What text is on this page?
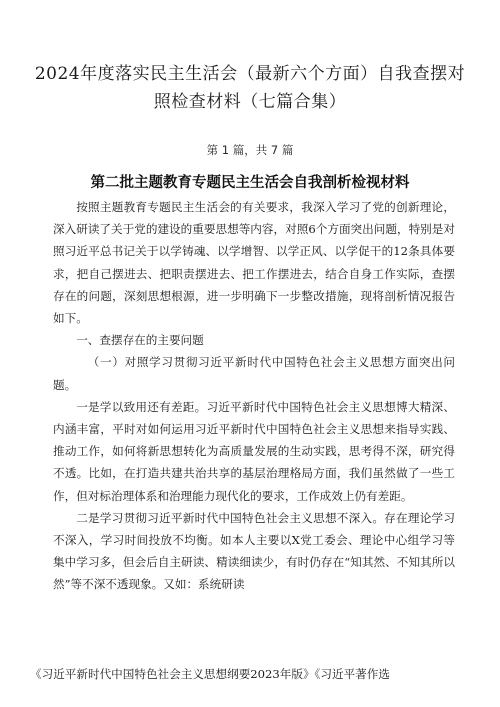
2024年度落实民主生活会（最新六个方面）自我查摆对照检查材料（七篇合集）
第 1 篇，共 7 篇
第二批主题教育专题民主生活会自我剖析检视材料

按照主题教育专题民主生活会的有关要求，我深入学习了党的创新理论，深入研读了关于党的建设的重要思想等内容，对照6个方面突出问题，特别是对照习近平总书记关于以学铸魂、以学增智、以学正风、以学促干的12条具体要求，把自己摆进去、把职责摆进去、把工作摆进去，结合自身工作实际，查摆存在的问题，深刻思想根源，进一步明确下一步整改措施，现将剖析情况报告如下。

一、查摆存在的主要问题

（一）对照学习贯彻习近平新时代中国特色社会主义思想方面突出问题。

一是学以致用还有差距。习近平新时代中国特色社会主义思想博大精深、内涵丰富，平时对如何运用习近平新时代中国特色社会主义思想来指导实践、推动工作，如何将新思想转化为高质量发展的生动实践，思考得不深，研究得不透。比如，在打造共建共治共享的基层治理格局方面，我们虽然做了一些工作，但对标治理体系和治理能力现代化的要求，工作成效上仍有差距。

二是学习贯彻习近平新时代中国特色社会主义思想不深入。存在理论学习不深入，学习时间投放不均衡。如本人主要以X党工委会、理论中心组学习等集中学习多，但会后自主研读、精读细读少，有时仍存在“知其然、不知其所以然”等不深不透现象。又如：系统研读

《习近平新时代中国特色社会主义思想纲要2023年版》《习近平著作选
